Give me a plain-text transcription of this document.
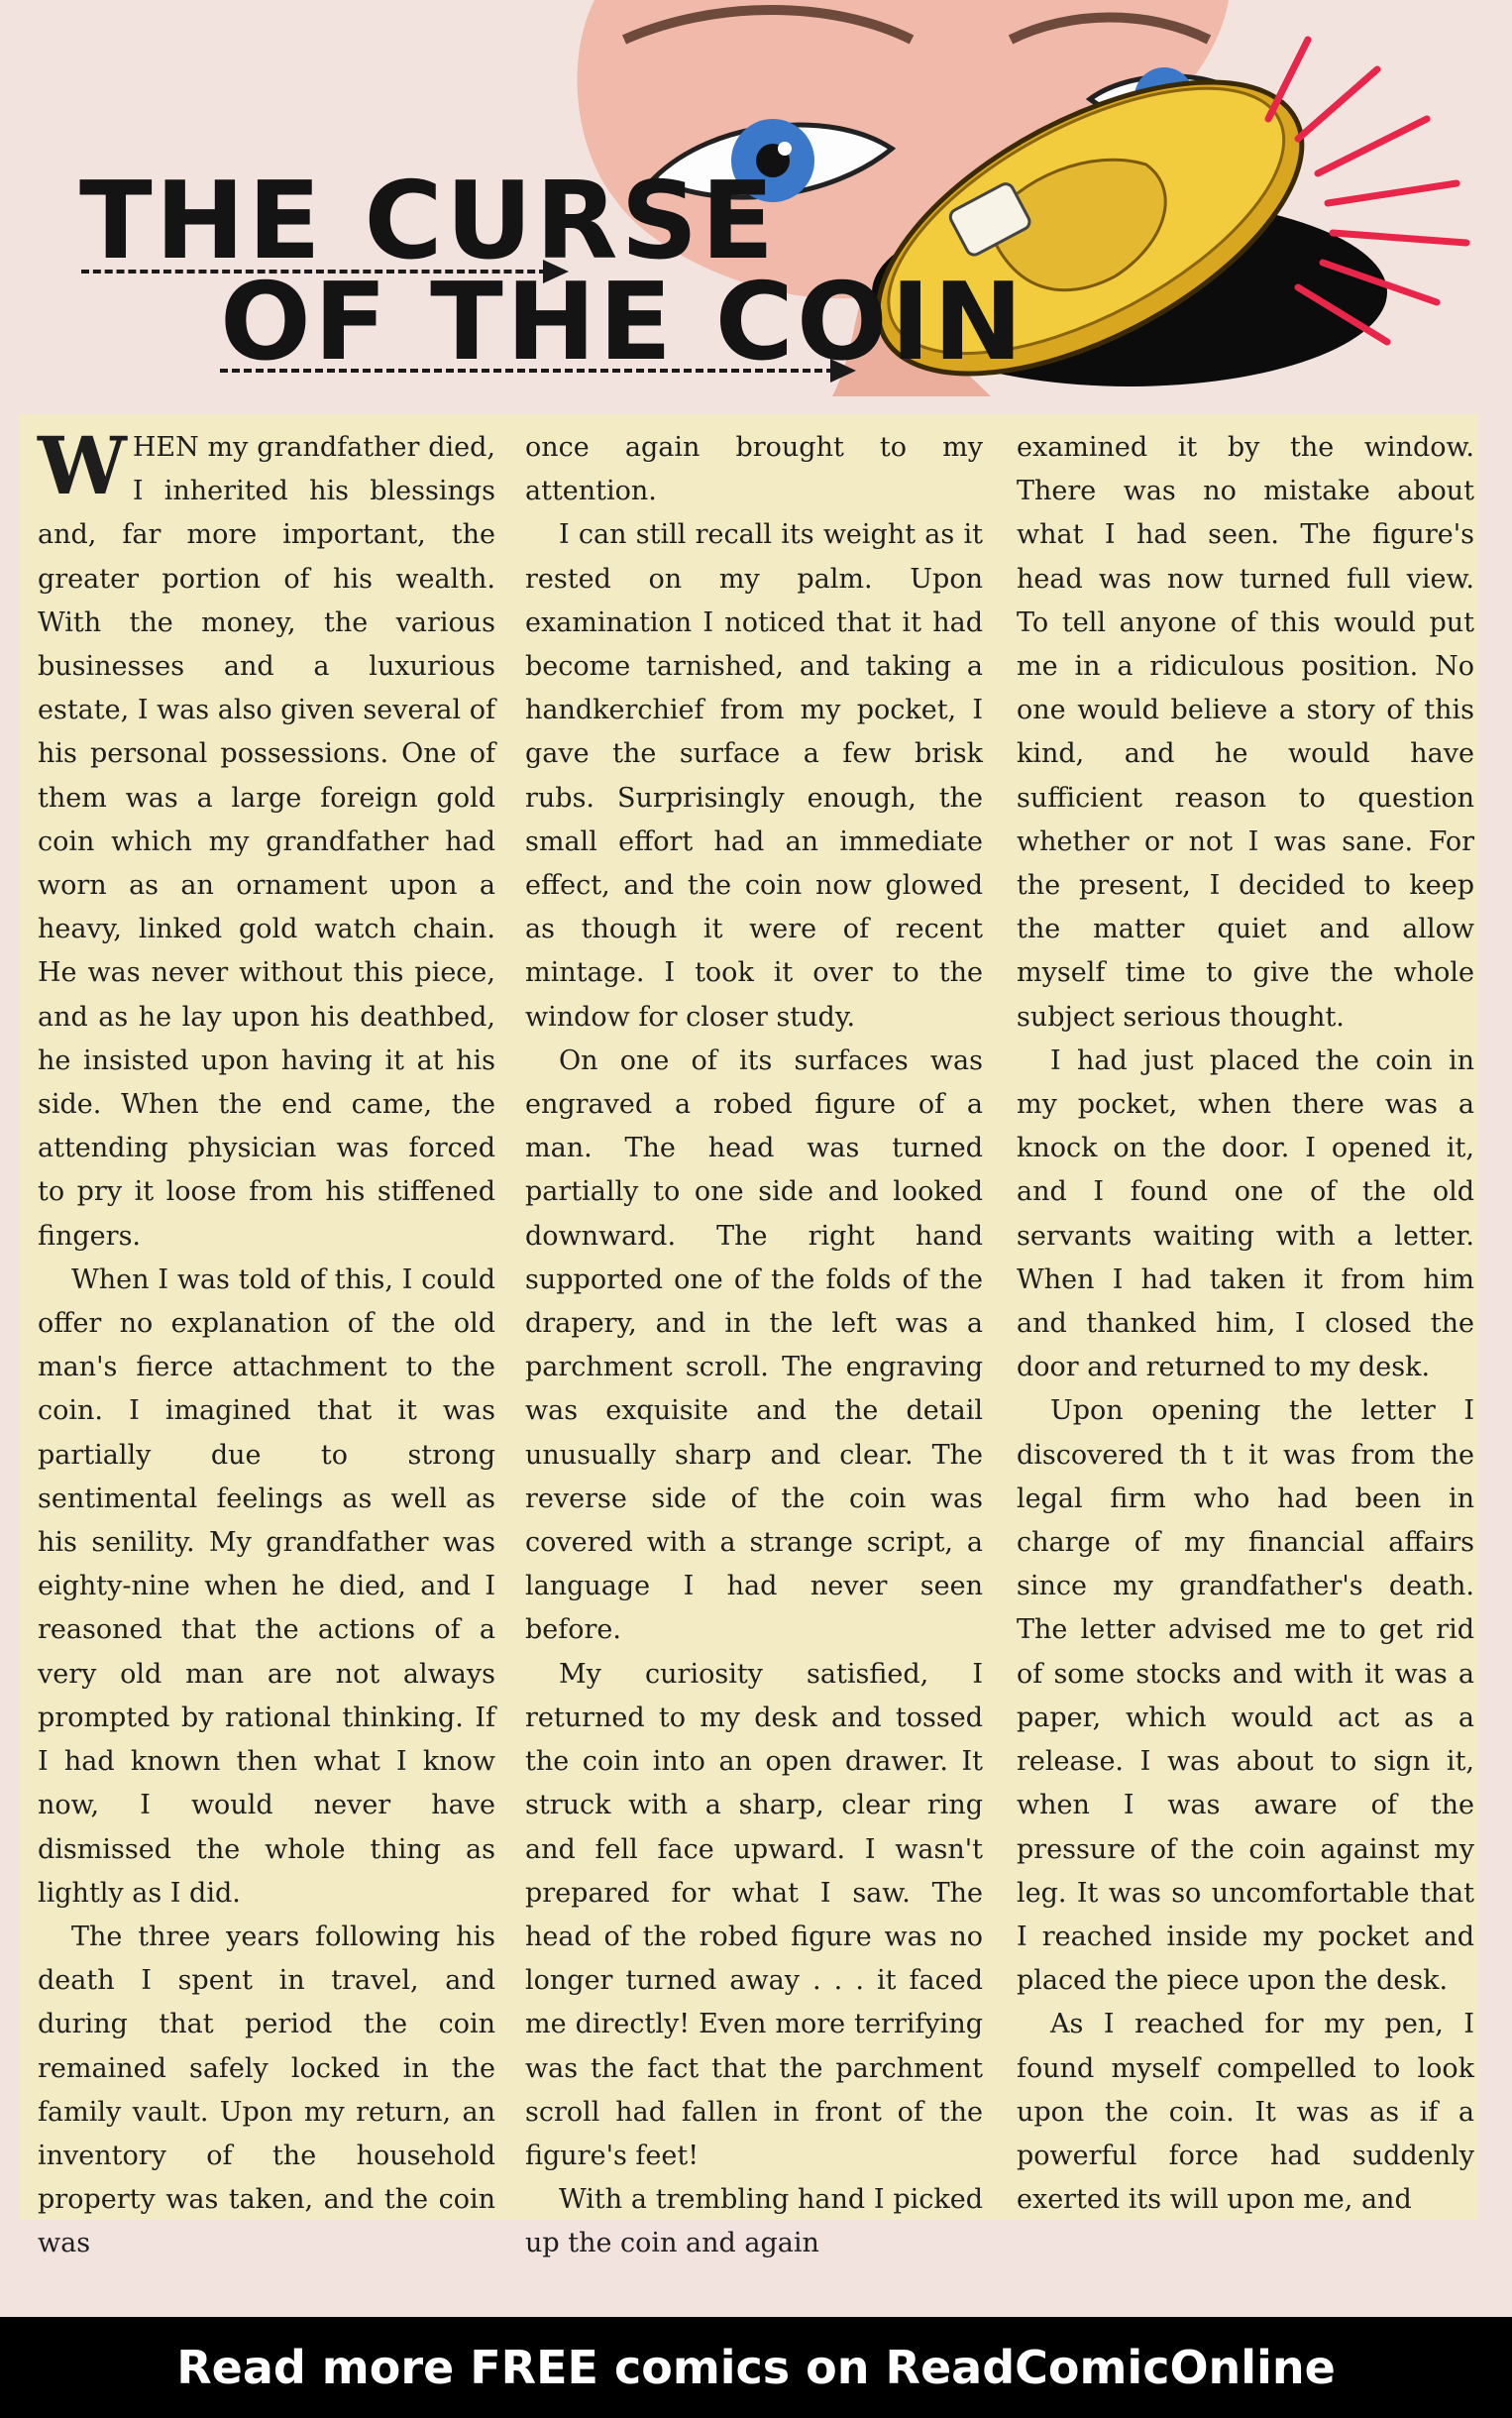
THE CURSE
OF THE COIN

WHEN my grandfather died, I inherited his blessings and, far more important, the greater portion of his wealth. With the money, the various businesses and a luxurious estate, I was also given several of his personal possessions. One of them was a large foreign gold coin which my grandfather had worn as an ornament upon a heavy, linked gold watch chain. He was never without this piece, and as he lay upon his deathbed, he insisted upon having it at his side. When the end came, the attending physician was forced to pry it loose from his stiffened fingers.

When I was told of this, I could offer no explanation of the old man's fierce attachment to the coin. I imagined that it was partially due to strong sentimental feelings as well as his senility. My grandfather was eighty-nine when he died, and I reasoned that the actions of a very old man are not always prompted by rational thinking. If I had known then what I know now, I would never have dismissed the whole thing as lightly as I did.

The three years following his death I spent in travel, and during that period the coin remained safely locked in the family vault. Upon my return, an inventory of the household property was taken, and the coin was

once again brought to my attention.

I can still recall its weight as it rested on my palm. Upon examination I noticed that it had become tarnished, and taking a handkerchief from my pocket, I gave the surface a few brisk rubs. Surprisingly enough, the small effort had an immediate effect, and the coin now glowed as though it were of recent mintage. I took it over to the window for closer study.

On one of its surfaces was engraved a robed figure of a man. The head was turned partially to one side and looked downward. The right hand supported one of the folds of the drapery, and in the left was a parchment scroll. The engraving was exquisite and the detail unusually sharp and clear. The reverse side of the coin was covered with a strange script, a language I had never seen before.

My curiosity satisfied, I returned to my desk and tossed the coin into an open drawer. It struck with a sharp, clear ring and fell face upward. I wasn't prepared for what I saw. The head of the robed figure was no longer turned away . . . it faced me directly! Even more terrifying was the fact that the parchment scroll had fallen in front of the figure's feet!

With a trembling hand I picked up the coin and again

examined it by the window. There was no mistake about what I had seen. The figure's head was now turned full view. To tell anyone of this would put me in a ridiculous position. No one would believe a story of this kind, and he would have sufficient reason to question whether or not I was sane. For the present, I decided to keep the matter quiet and allow myself time to give the whole subject serious thought.

I had just placed the coin in my pocket, when there was a knock on the door. I opened it, and I found one of the old servants waiting with a letter. When I had taken it from him and thanked him, I closed the door and returned to my desk.

Upon opening the letter I discovered th t it was from the legal firm who had been in charge of my financial affairs since my grandfather's death. The letter advised me to get rid of some stocks and with it was a paper, which would act as a release. I was about to sign it, when I was aware of the pressure of the coin against my leg. It was so uncomfortable that I reached inside my pocket and placed the piece upon the desk.

As I reached for my pen, I found myself compelled to look upon the coin. It was as if a powerful force had suddenly exerted its will upon me, and

Read more FREE comics on ReadComicOnline
